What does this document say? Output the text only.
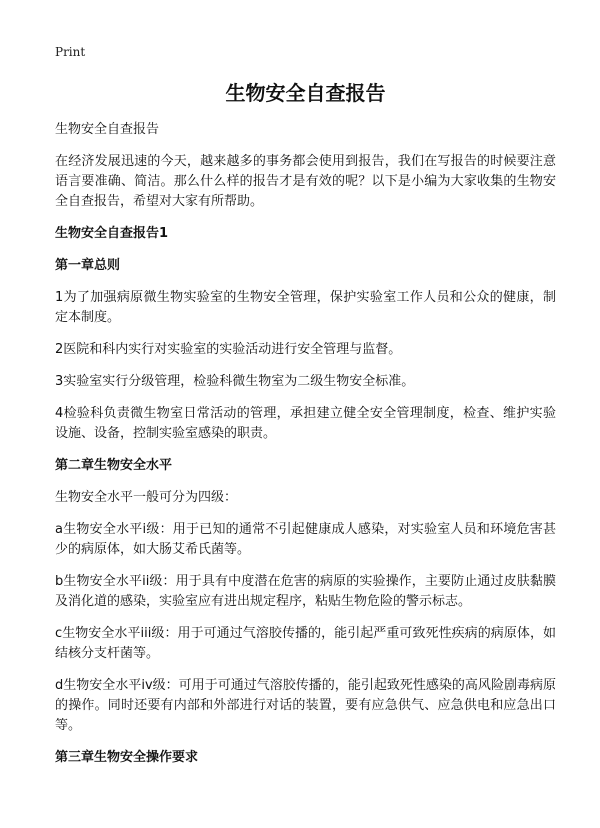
Print
生物安全自查报告

生物安全自查报告

在经济发展迅速的今天，越来越多的事务都会使用到报告，我们在写报告的时候要注意语言要准确、简洁。那么什么样的报告才是有效的呢？以下是小编为大家收集的生物安全自查报告，希望对大家有所帮助。

生物安全自查报告1
第一章总则

1为了加强病原微生物实验室的生物安全管理，保护实验室工作人员和公众的健康，制定本制度。

2医院和科内实行对实验室的实验活动进行安全管理与监督。

3实验室实行分级管理，检验科微生物室为二级生物安全标准。

4检验科负责微生物室日常活动的管理，承担建立健全安全管理制度，检查、维护实验设施、设备，控制实验室感染的职责。

第二章生物安全水平

生物安全水平一般可分为四级：

a生物安全水平i级：用于已知的通常不引起健康成人感染，对实验室人员和环境危害甚少的病原体，如大肠艾希氏菌等。

b生物安全水平ii级：用于具有中度潜在危害的病原的实验操作，主要防止通过皮肤黏膜及消化道的感染，实验室应有进出规定程序，粘贴生物危险的警示标志。

c生物安全水平iii级：用于可通过气溶胶传播的，能引起严重可致死性疾病的病原体，如结核分支杆菌等。

d生物安全水平iv级：可用于可通过气溶胶传播的，能引起致死性感染的高风险剧毒病原的操作。同时还要有内部和外部进行对话的装置，要有应急供气、应急供电和应急出口等。

第三章生物安全操作要求
